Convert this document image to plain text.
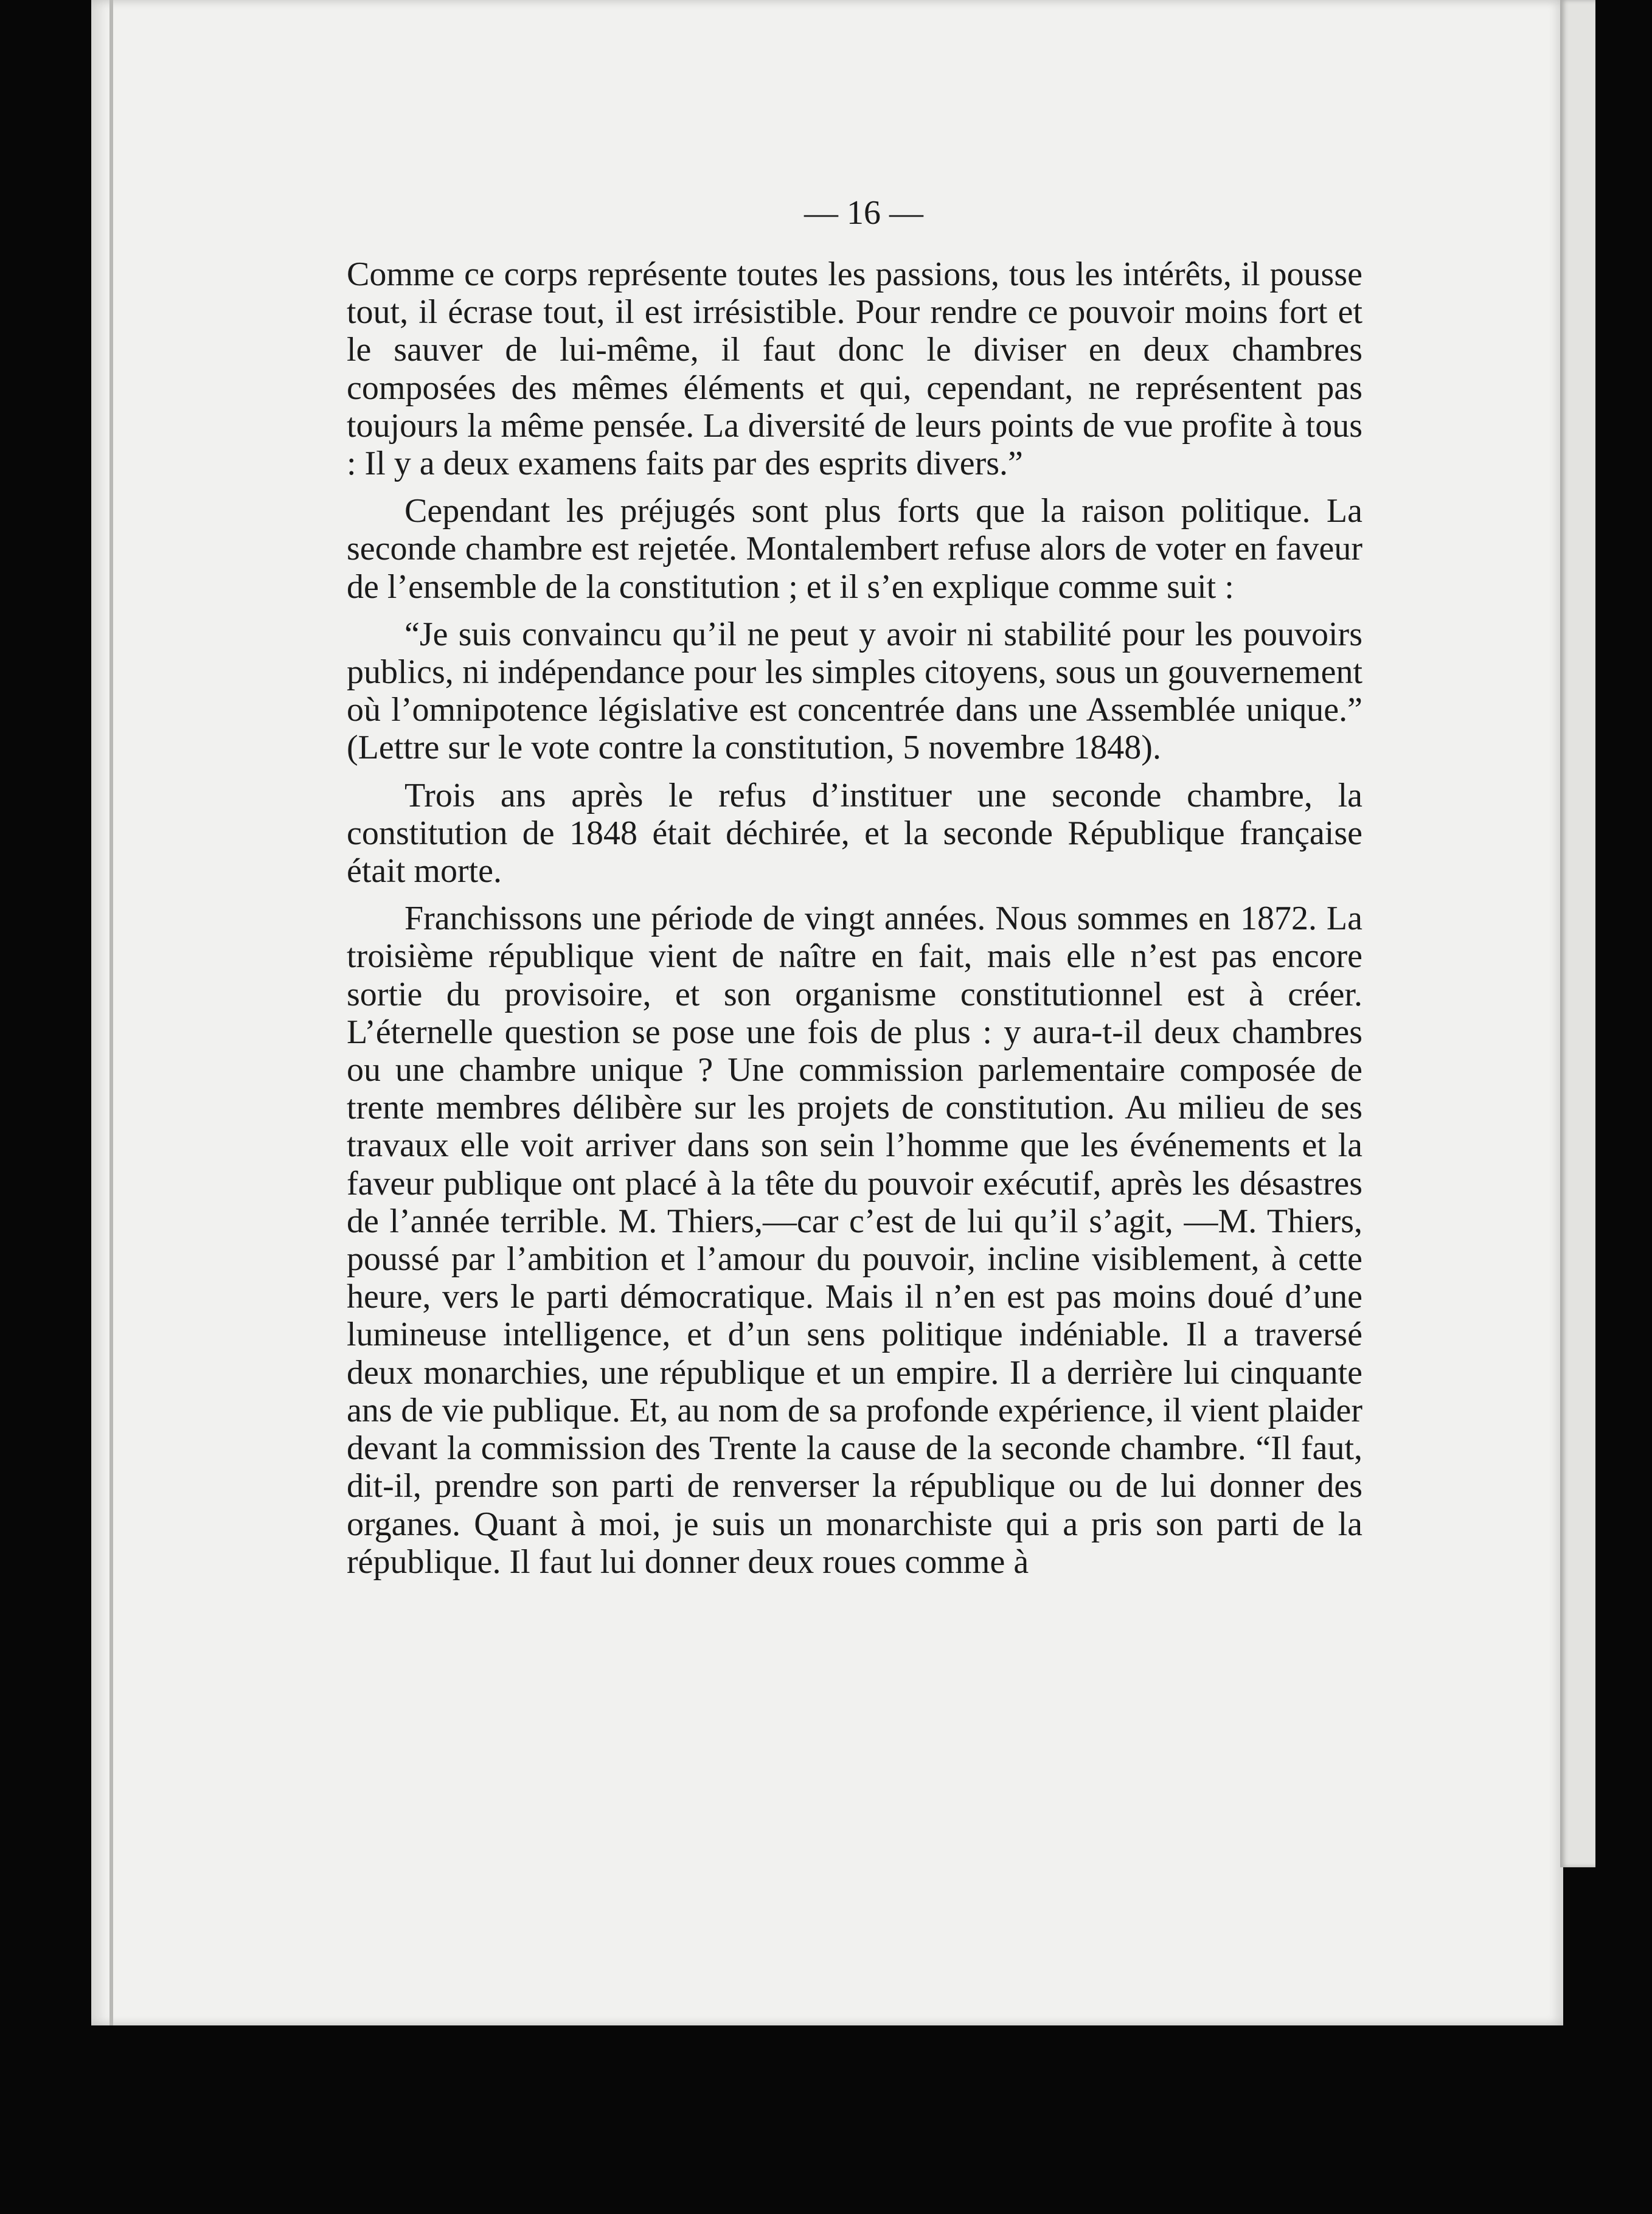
— 16 —

Comme ce corps représente toutes les passions, tous les intérêts, il pousse tout, il écrase tout, il est irrésistible. Pour rendre ce pouvoir moins fort et le sauver de lui-même, il faut donc le diviser en deux chambres composées des mêmes éléments et qui, cependant, ne représentent pas toujours la même pensée. La diversité de leurs points de vue profite à tous : Il y a deux examens faits par des esprits divers.”

Cependant les préjugés sont plus forts que la raison politique. La seconde chambre est rejetée. Montalembert refuse alors de voter en faveur de l’ensemble de la constitution ; et il s’en explique comme suit :

“Je suis convaincu qu’il ne peut y avoir ni stabilité pour les pouvoirs publics, ni indépendance pour les simples citoyens, sous un gouvernement où l’omnipotence législative est concentrée dans une Assemblée unique.” (Lettre sur le vote contre la constitution, 5 novembre 1848).

Trois ans après le refus d’instituer une seconde chambre, la constitution de 1848 était déchirée, et la seconde République française était morte.

Franchissons une période de vingt années. Nous sommes en 1872. La troisième république vient de naître en fait, mais elle n’est pas encore sortie du provisoire, et son organisme constitutionnel est à créer. L’éternelle question se pose une fois de plus : y aura-t-il deux chambres ou une chambre unique ? Une commission parlementaire composée de trente membres délibère sur les projets de constitution. Au milieu de ses travaux elle voit arriver dans son sein l’homme que les événements et la faveur publique ont placé à la tête du pouvoir exécutif, après les désastres de l’année terrible. M. Thiers,—car c’est de lui qu’il s’agit, —M. Thiers, poussé par l’ambition et l’amour du pouvoir, incline visiblement, à cette heure, vers le parti démocratique. Mais il n’en est pas moins doué d’une lumineuse intelligence, et d’un sens politique indéniable. Il a traversé deux monarchies, une république et un empire. Il a derrière lui cinquante ans de vie publique. Et, au nom de sa profonde expérience, il vient plaider devant la commission des Trente la cause de la seconde chambre. “Il faut, dit-il, prendre son parti de renverser la république ou de lui donner des organes. Quant à moi, je suis un monarchiste qui a pris son parti de la république. Il faut lui donner deux roues comme à
